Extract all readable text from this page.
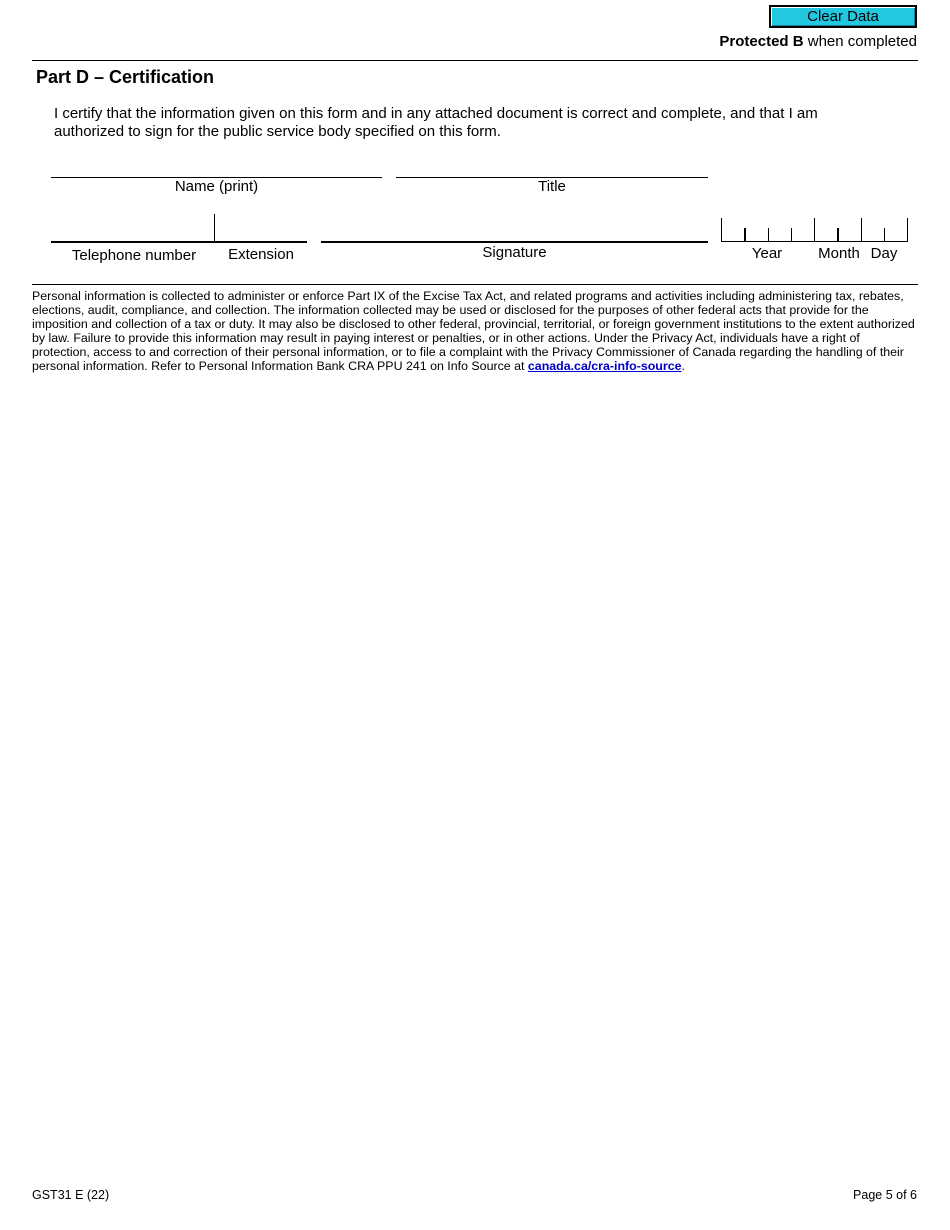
Clear Data
Protected B when completed
Part D – Certification
I certify that the information given on this form and in any attached document is correct and complete, and that I am authorized to sign for the public service body specified on this form.
Name (print)	Title
Telephone number	Extension	Signature	Year	Month Day
Personal information is collected to administer or enforce Part IX of the Excise Tax Act, and related programs and activities including administering tax, rebates, elections, audit, compliance, and collection. The information collected may be used or disclosed for the purposes of other federal acts that provide for the imposition and collection of a tax or duty. It may also be disclosed to other federal, provincial, territorial, or foreign government institutions to the extent authorized by law. Failure to provide this information may result in paying interest or penalties, or in other actions. Under the Privacy Act, individuals have a right of protection, access to and correction of their personal information, or to file a complaint with the Privacy Commissioner of Canada regarding the handling of their personal information. Refer to Personal Information Bank CRA PPU 241 on Info Source at canada.ca/cra-info-source.
GST31 E (22)	Page 5 of 6
